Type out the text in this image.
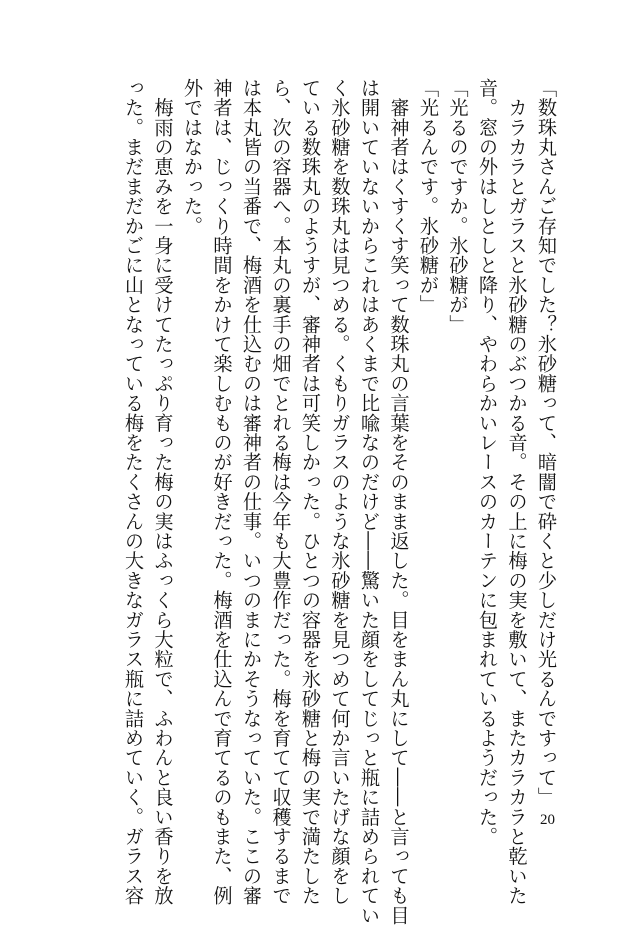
「数珠丸さんご存知でした？氷砂糖って、暗闇で砕くと少しだけ光るんですって」
　カラカラとガラスと氷砂糖のぶつかる音。その上に梅の実を敷いて、またカラカラと乾いた
音。窓の外はしとしと降り、やわらかいレースのカーテンに包まれているようだった。
「光るのですか。氷砂糖が」
「光るんです。氷砂糖が」
　審神者はくすくす笑って数珠丸の言葉をそのまま返した。目をまん丸にして――と言っても目
は開いていないからこれはあくまで比喩なのだけど――驚いた顔をしてじっと瓶に詰められてい
く氷砂糖を数珠丸は見つめる。くもりガラスのような氷砂糖を見つめて何か言いたげな顔をし
ている数珠丸のようすが、審神者は可笑しかった。ひとつの容器を氷砂糖と梅の実で満たした
ら、次の容器へ。本丸の裏手の畑でとれる梅は今年も大豊作だった。梅を育てて収穫するまで
は本丸皆の当番で、梅酒を仕込むのは審神者の仕事。いつのまにかそうなっていた。ここの審
神者は、じっくり時間をかけて楽しむものが好きだった。梅酒を仕込んで育てるのもまた、例
外ではなかった。
　梅雨の恵みを一身に受けてたっぷり育った梅の実はふっくら大粒で、ふわんと良い香りを放
った。まだまだかごに山となっている梅をたくさんの大きなガラス瓶に詰めていく。ガラス容	20
